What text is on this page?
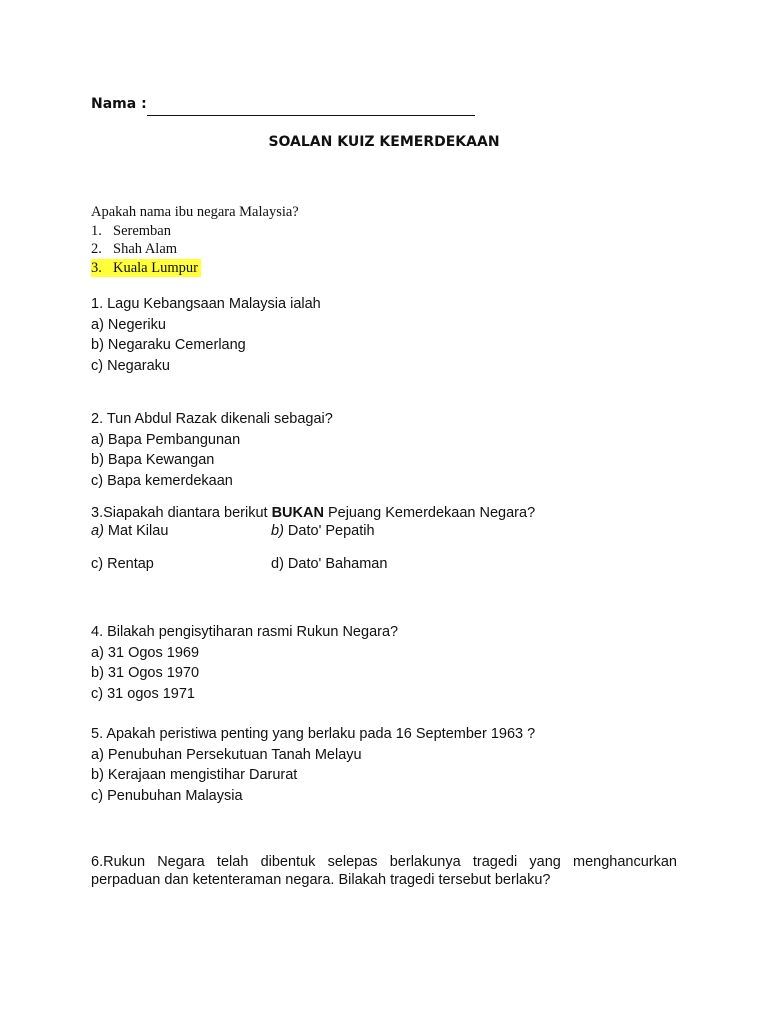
Nama :
SOALAN KUIZ KEMERDEKAAN
Apakah nama ibu negara Malaysia?
1. Seremban
2. Shah Alam
3. Kuala Lumpur
1. Lagu Kebangsaan Malaysia ialah
a) Negeriku
b) Negaraku Cemerlang
c) Negaraku
2. Tun Abdul Razak dikenali sebagai?
a) Bapa Pembangunan
b) Bapa Kewangan
c) Bapa kemerdekaan
3.Siapakah diantara berikut BUKAN Pejuang Kemerdekaan Negara?
a) Mat Kilau	b) Dato' Pepatih
c) Rentap	d) Dato' Bahaman
4. Bilakah pengisytiharan rasmi Rukun Negara?
a) 31 Ogos 1969
b) 31 Ogos 1970
c) 31 ogos 1971
5. Apakah peristiwa penting yang berlaku pada 16 September 1963 ?
a) Penubuhan Persekutuan Tanah Melayu
b) Kerajaan mengistihar Darurat
c) Penubuhan Malaysia
6.Rukun Negara telah dibentuk selepas berlakunya tragedi yang menghancurkan
perpaduan dan ketenteraman negara. Bilakah tragedi tersebut berlaku?
